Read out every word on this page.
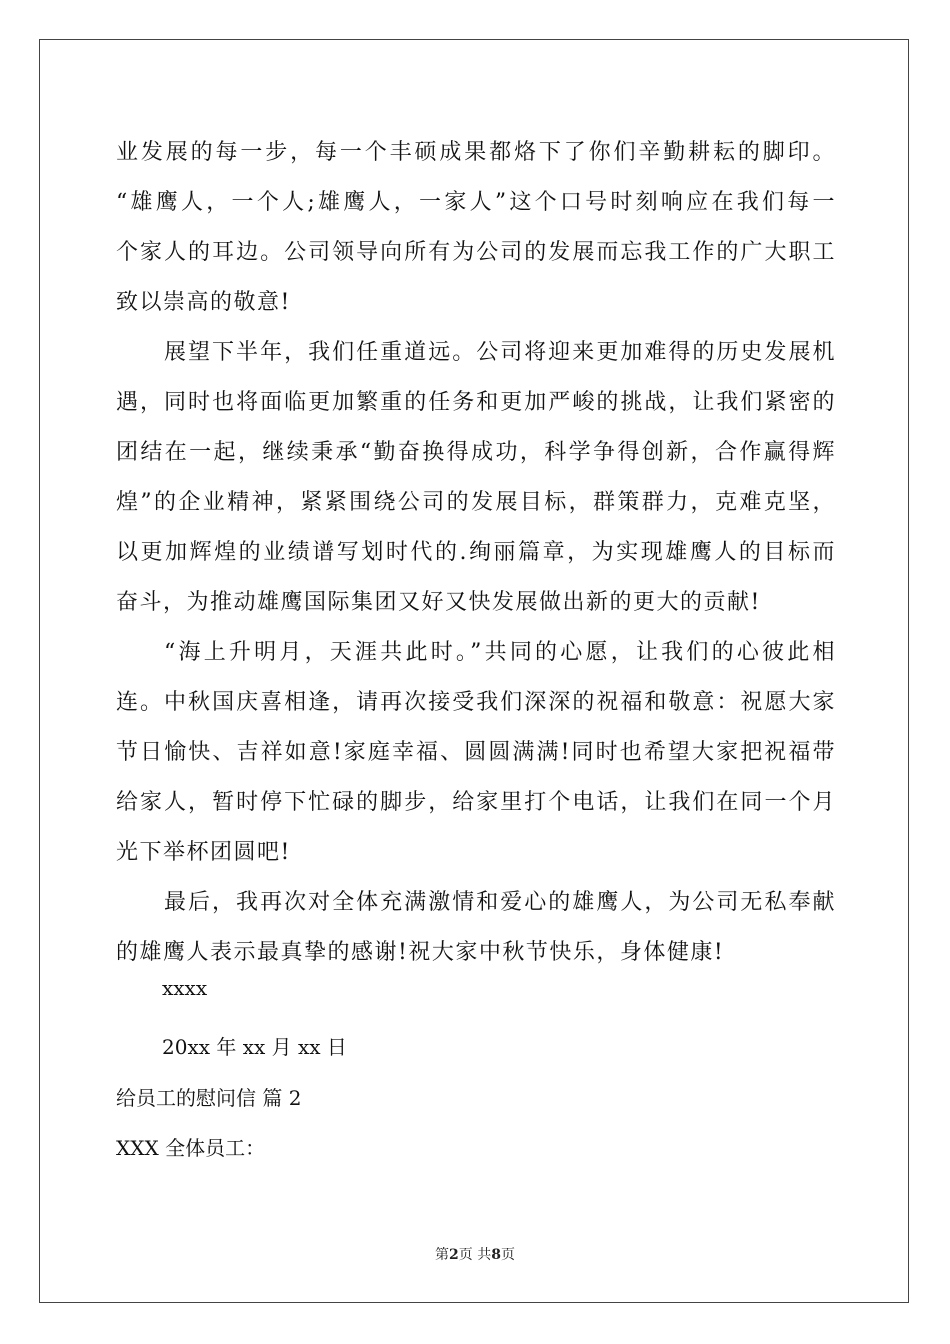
业发展的每一步，每一个丰硕成果都烙下了你们辛勤耕耘的脚印。

“雄鹰人，一个人;雄鹰人，一家人”这个口号时刻响应在我们每一

个家人的耳边。公司领导向所有为公司的发展而忘我工作的广大职工

致以崇高的敬意!

展望下半年，我们任重道远。公司将迎来更加难得的历史发展机

遇，同时也将面临更加繁重的任务和更加严峻的挑战，让我们紧密的

团结在一起，继续秉承“勤奋换得成功，科学争得创新，合作赢得辉

煌”的企业精神，紧紧围绕公司的发展目标，群策群力，克难克坚，

以更加辉煌的业绩谱写划时代的.绚丽篇章，为实现雄鹰人的目标而

奋斗，为推动雄鹰国际集团又好又快发展做出新的更大的贡献!

“海上升明月，天涯共此时。”共同的心愿，让我们的心彼此相

连。中秋国庆喜相逢，请再次接受我们深深的祝福和敬意：祝愿大家

节日愉快、吉祥如意!家庭幸福、圆圆满满!同时也希望大家把祝福带

给家人，暂时停下忙碌的脚步，给家里打个电话，让我们在同一个月

光下举杯团圆吧!

最后，我再次对全体充满激情和爱心的雄鹰人，为公司无私奉献

的雄鹰人表示最真挚的感谢!祝大家中秋节快乐，身体健康!

xxxx
20xx 年 xx 月 xx 日
给员工的慰问信 篇 2
XXX 全体员工：
第2页 共8页
